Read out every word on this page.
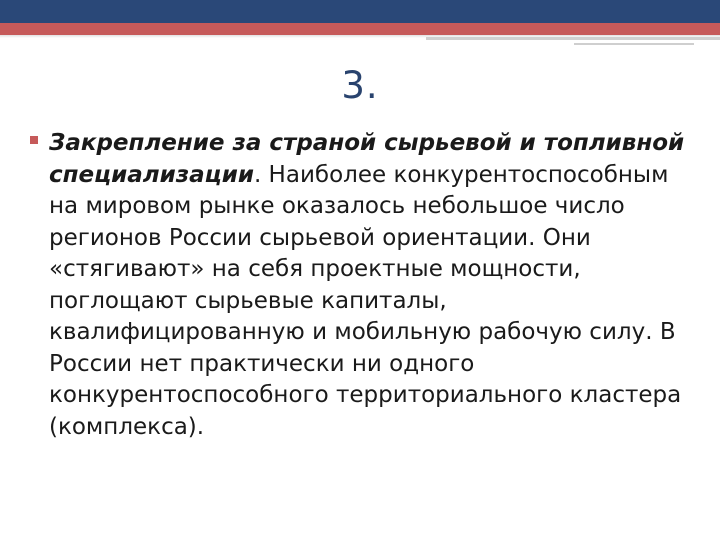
3.

Закрепление за страной сырьевой и топливной специализации. Наиболее конкурентоспособным на мировом рынке оказалось небольшое число регионов России сырьевой ориентации. Они «стягивают» на себя проектные мощности, поглощают сырьевые капиталы, квалифицированную и мобильную рабочую силу. В России нет практически ни одного конкурентоспособного территориального кластера (комплекса).
